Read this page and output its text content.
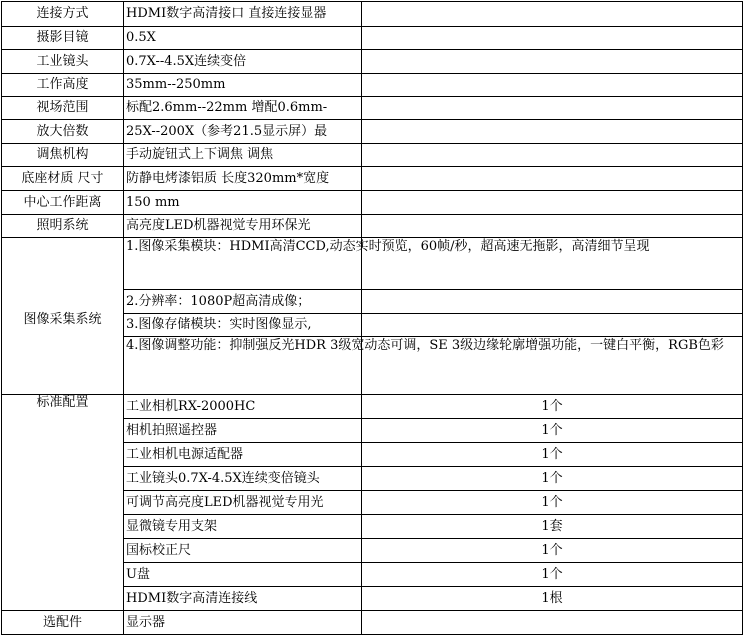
连接方式	HDMI数字高清接口 直接连接显器	
摄影目镜	0.5X	
工业镜头	0.7X--4.5X连续变倍	
工作高度	35mm--250mm	
视场范围	标配2.6mm--22mm 增配0.6mm-	
放大倍数	25X--200X（参考21.5显示屏）最	
调焦机构	手动旋钮式上下调焦 调焦	
底座材质 尺寸	防静电烤漆铝质 长度320mm*宽度	
中心工作距离	150 mm	
照明系统	高亮度LED机器视觉专用环保光	
图像采集系统	1.图像采集模块：HDMI高清CCD,动态实时预览，60帧/秒，超高速无拖影，高清细节呈现	

	2.分辨率：1080P超高清成像；	
	3.图像存储模块：实时图像显示,	

	4.图像调整功能：抑制强反光HDR 3级宽动态可调，SE 3级边缘轮廓增强功能，一键白平衡，RGB色彩	

标准配置	工业相机RX-2000HC	1个
	相机拍照遥控器	1个
	工业相机电源适配器	1个
	工业镜头0.7X-4.5X连续变倍镜头	1个
	可调节高亮度LED机器视觉专用光	1个
	显微镜专用支架	1套
	国标校正尺	1个
	U盘	1个
	HDMI数字高清连接线	1根
选配件	显示器	
